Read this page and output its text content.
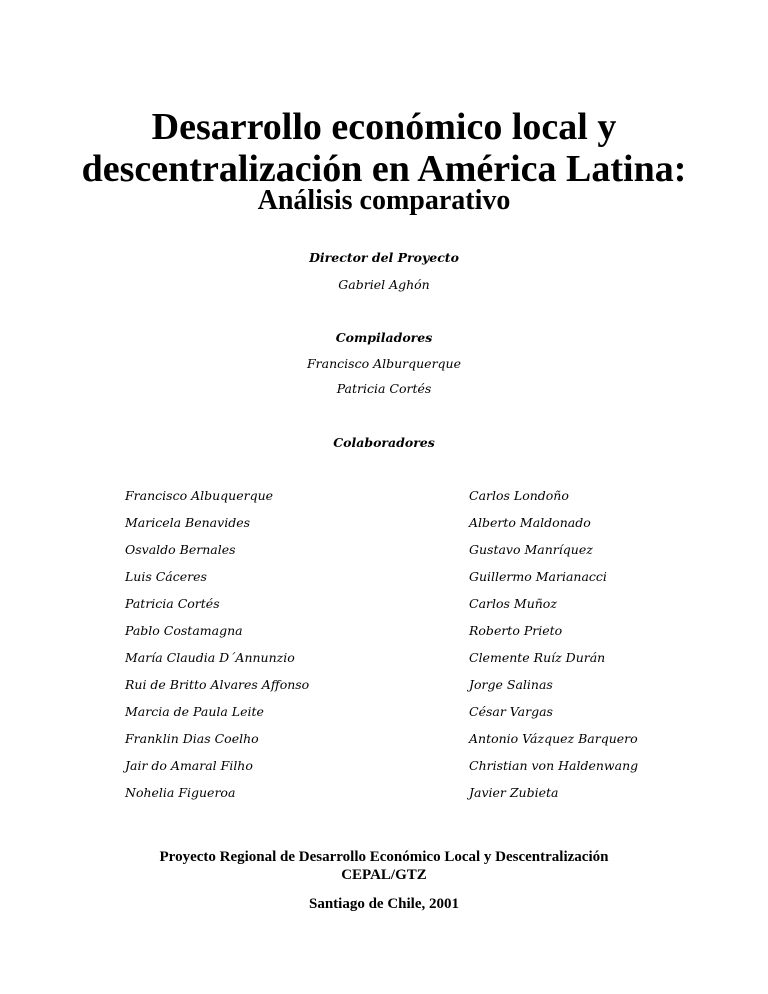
Desarrollo económico local y
descentralización en América Latina:
Análisis comparativo
Director del Proyecto
Gabriel Aghón
Compiladores
Francisco Alburquerque
Patricia Cortés
Colaboradores
Francisco Albuquerque	Carlos Londoño
Maricela Benavides	Alberto Maldonado
Osvaldo Bernales	Gustavo Manríquez
Luis Cáceres	Guillermo Marianacci
Patricia Cortés	Carlos Muñoz
Pablo Costamagna	Roberto Prieto
María Claudia D´Annunzio	Clemente Ruíz Durán
Rui de Britto Alvares Affonso	Jorge Salinas
Marcia de Paula Leite	César Vargas
Franklin Dias Coelho	Antonio Vázquez Barquero
Jair do Amaral Filho	Christian von Haldenwang
Nohelia Figueroa	Javier Zubieta
Proyecto Regional de Desarrollo Económico Local y Descentralización
CEPAL/GTZ
Santiago de Chile, 2001
